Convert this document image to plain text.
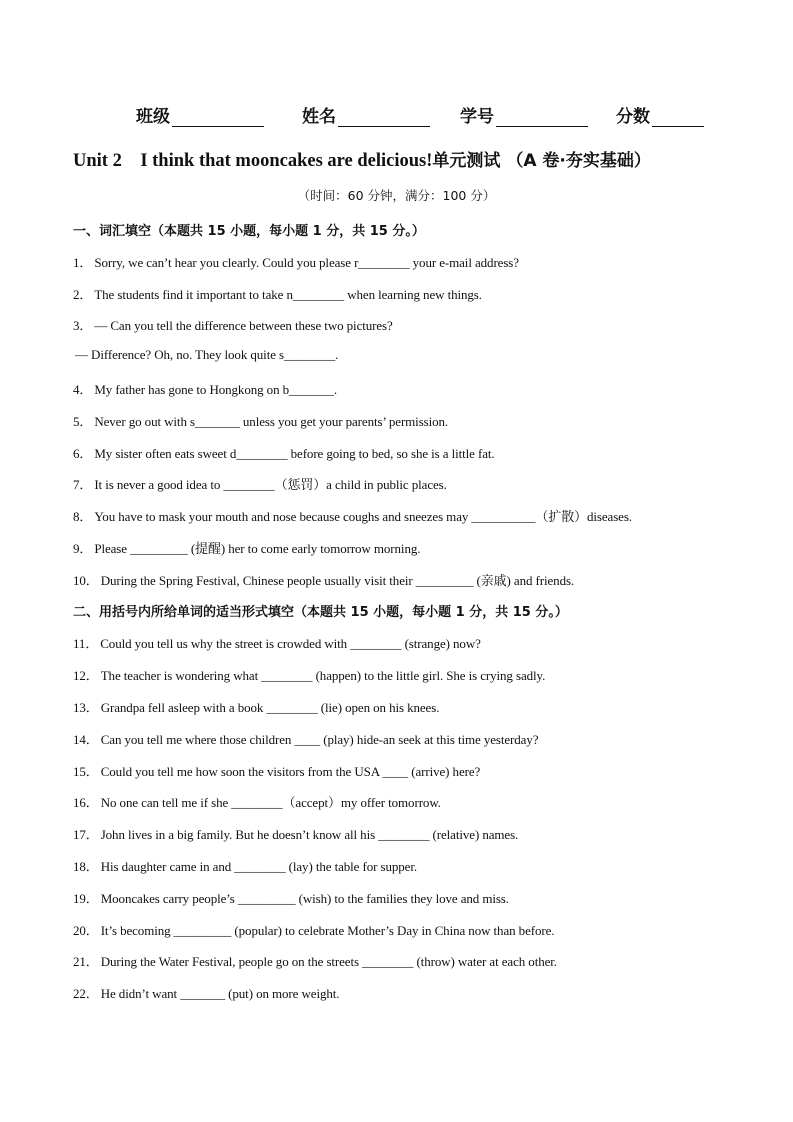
班级	姓名	学号	分数
Unit 2    I think that mooncakes are delicious!单元测试 （A 卷·夯实基础）
（时间：60 分钟，满分：100 分）
一、词汇填空（本题共 15 小题，每小题 1 分，共 15 分。）
1． Sorry, we can’t hear you clearly. Could you please r________ your e-mail address?
2． The students find it important to take n________ when learning new things.
3． — Can you tell the difference between these two pictures?
— Difference? Oh, no. They look quite s________.
4． My father has gone to Hongkong on b_______.
5． Never go out with s_______ unless you get your parents’ permission.
6． My sister often eats sweet d________ before going to bed, so she is a little fat.
7． It is never a good idea to ________（惩罚）a child in public places.
8． You have to mask your mouth and nose because coughs and sneezes may __________（扩散）diseases.
9． Please _________ (提醒) her to come early tomorrow morning.
10． During the Spring Festival, Chinese people usually visit their _________ (亲戚) and friends.
二、用括号内所给单词的适当形式填空（本题共 15 小题，每小题 1 分，共 15 分。）
11． Could you tell us why the street is crowded with ________ (strange) now?
12． The teacher is wondering what ________ (happen) to the little girl. She is crying sadly.
13． Grandpa fell asleep with a book ________ (lie) open on his knees.
14． Can you tell me where those children ____ (play) hide-an seek at this time yesterday?
15． Could you tell me how soon the visitors from the USA ____ (arrive) here?
16． No one can tell me if she ________（accept）my offer tomorrow.
17． John lives in a big family. But he doesn’t know all his ________ (relative) names.
18． His daughter came in and ________ (lay) the table for supper.
19． Mooncakes carry people’s _________ (wish) to the families they love and miss.
20． It’s becoming _________ (popular) to celebrate Mother’s Day in China now than before.
21． During the Water Festival, people go on the streets ________ (throw) water at each other.
22． He didn’t want _______ (put) on more weight.
